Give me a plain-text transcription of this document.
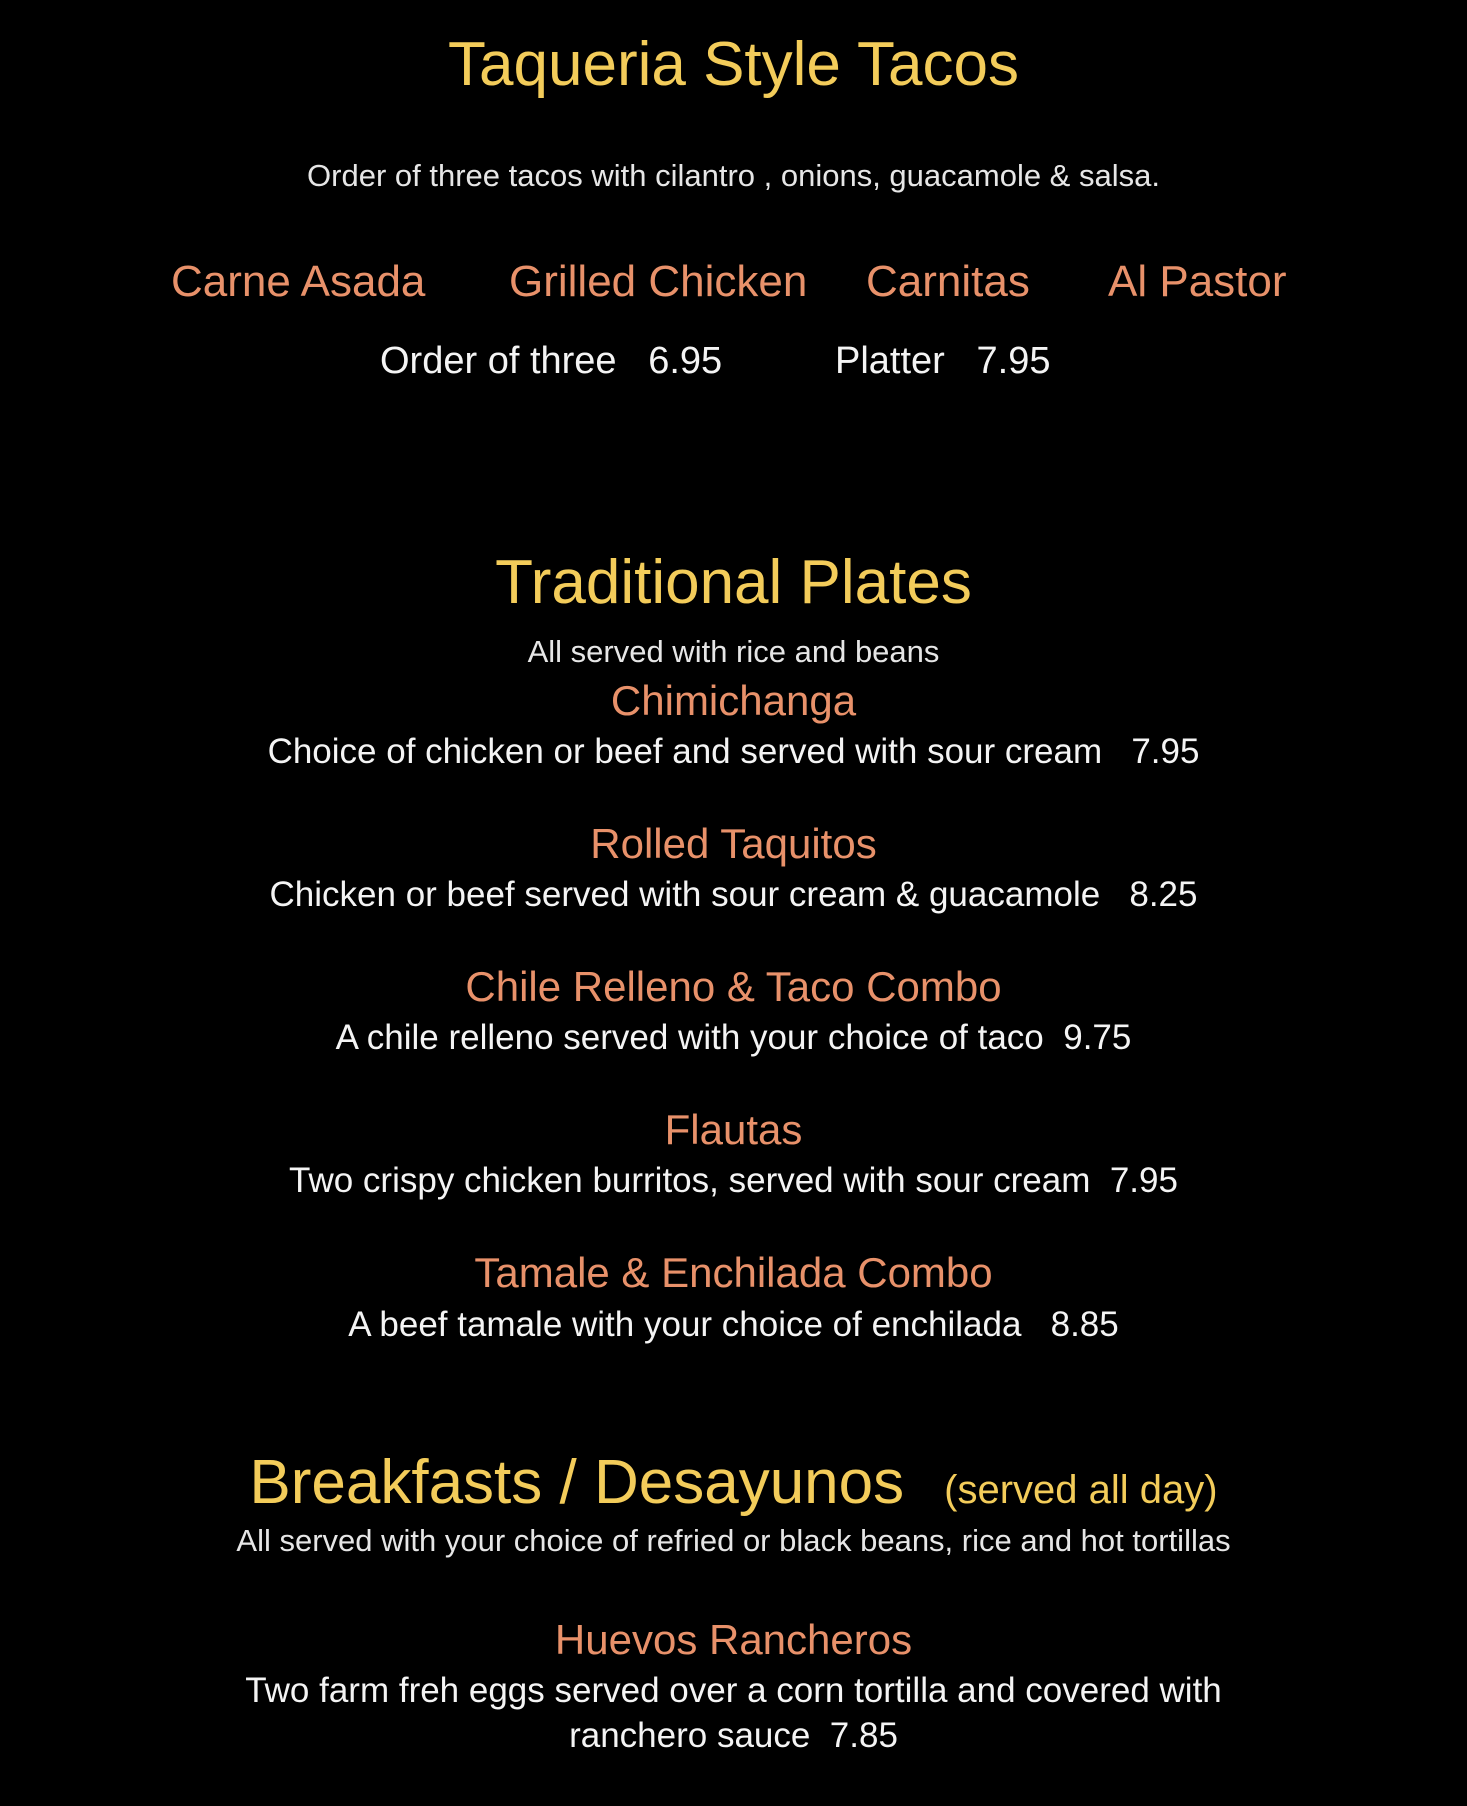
Taqueria Style Tacos
Order of three tacos with cilantro , onions, guacamole & salsa.
Carne Asada Grilled Chicken Carnitas Al Pastor
Order of three   6.95	Platter   7.95
Traditional Plates
All served with rice and beans
Chimichanga
Choice of chicken or beef and served with sour cream   7.95
Rolled Taquitos
Chicken or beef served with sour cream & guacamole   8.25
Chile Relleno & Taco Combo
A chile relleno served with your choice of taco  9.75
Flautas
Two crispy chicken burritos, served with sour cream  7.95
Tamale & Enchilada Combo
A beef tamale with your choice of enchilada   8.85
Breakfasts / Desayunos (served all day)
All served with your choice of refried or black beans, rice and hot tortillas
Huevos Rancheros
Two farm freh eggs served over a corn tortilla and covered with
ranchero sauce  7.85
